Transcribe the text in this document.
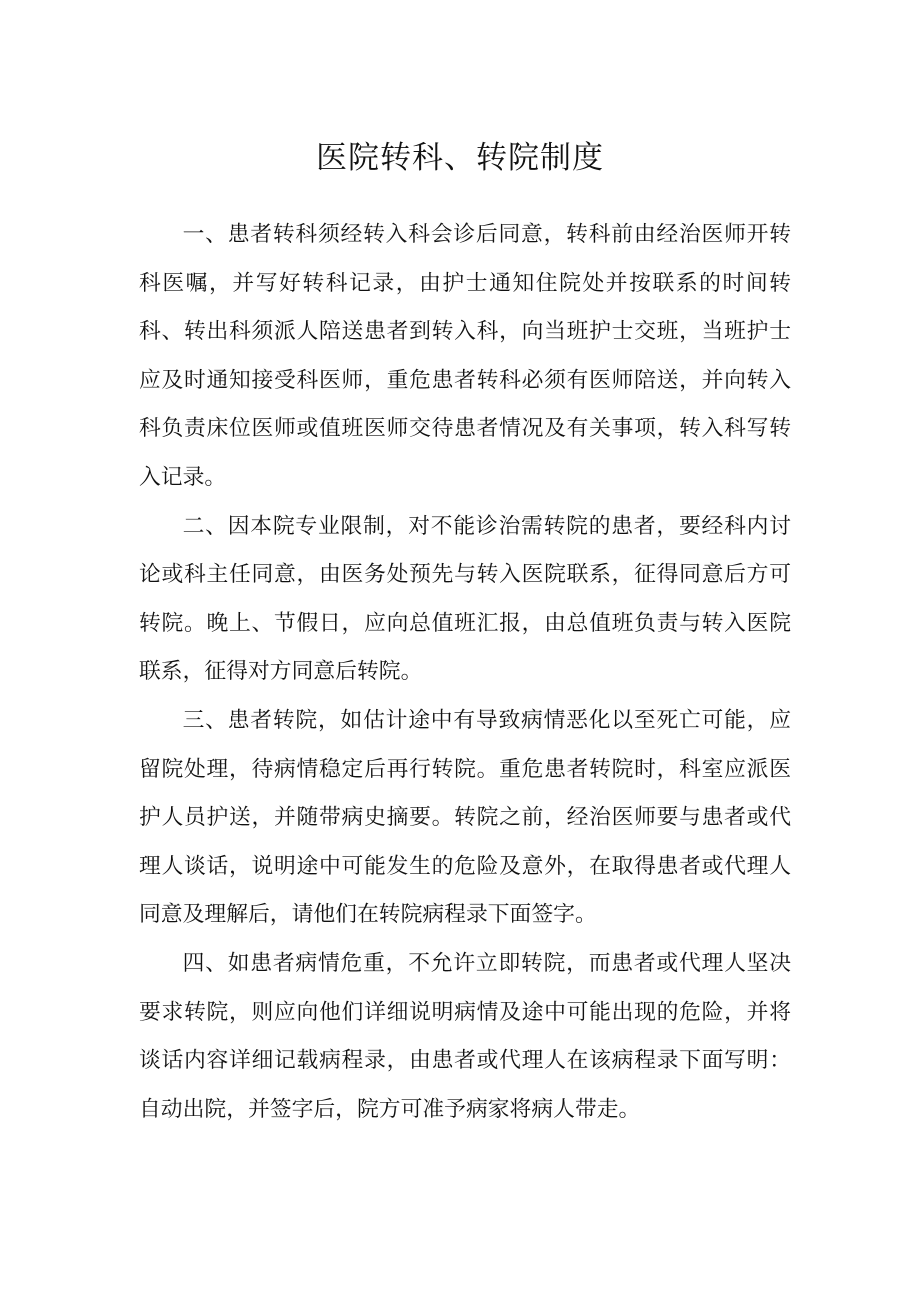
医院转科、转院制度

一、患者转科须经转入科会诊后同意，转科前由经治医师开转科医嘱，并写好转科记录，由护士通知住院处并按联系的时间转科、转出科须派人陪送患者到转入科，向当班护士交班，当班护士应及时通知接受科医师，重危患者转科必须有医师陪送，并向转入科负责床位医师或值班医师交待患者情况及有关事项，转入科写转入记录。

二、因本院专业限制，对不能诊治需转院的患者，要经科内讨论或科主任同意，由医务处预先与转入医院联系，征得同意后方可转院。晚上、节假日，应向总值班汇报，由总值班负责与转入医院联系，征得对方同意后转院。

三、患者转院，如估计途中有导致病情恶化以至死亡可能，应留院处理，待病情稳定后再行转院。重危患者转院时，科室应派医护人员护送，并随带病史摘要。转院之前，经治医师要与患者或代理人谈话，说明途中可能发生的危险及意外，在取得患者或代理人同意及理解后，请他们在转院病程录下面签字。

四、如患者病情危重，不允许立即转院，而患者或代理人坚决要求转院，则应向他们详细说明病情及途中可能出现的危险，并将谈话内容详细记载病程录，由患者或代理人在该病程录下面写明：自动出院，并签字后，院方可准予病家将病人带走。
